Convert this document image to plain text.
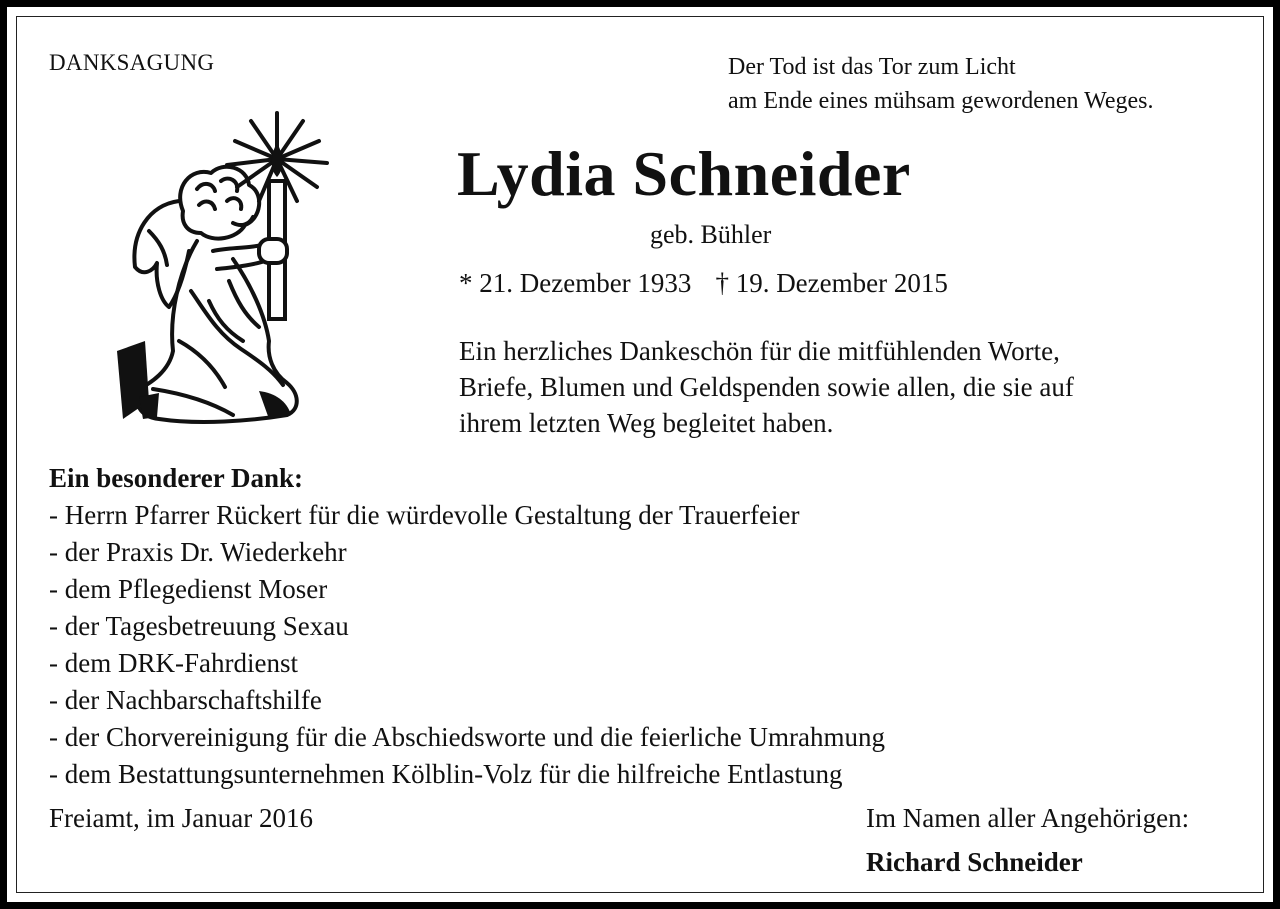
DANKSAGUNG	Der Tod ist das Tor zum Licht
am Ende eines mühsam gewordenen Weges.
Lydia Schneider
geb. Bühler
* 21. Dezember 1933 † 19. Dezember 2015
Ein herzliches Dankeschön für die mitfühlenden Worte,
Briefe, Blumen und Geldspenden sowie allen, die sie auf
ihrem letzten Weg begleitet haben.
Ein besonderer Dank:
- Herrn Pfarrer Rückert für die würdevolle Gestaltung der Trauerfeier
- der Praxis Dr. Wiederkehr
- dem Pflegedienst Moser
- der Tagesbetreuung Sexau
- dem DRK-Fahrdienst
- der Nachbarschaftshilfe
- der Chorvereinigung für die Abschiedsworte und die feierliche Umrahmung
- dem Bestattungsunternehmen Kölblin-Volz für die hilfreiche Entlastung
Freiamt, im Januar 2016	Im Namen aller Angehörigen:
Richard Schneider
